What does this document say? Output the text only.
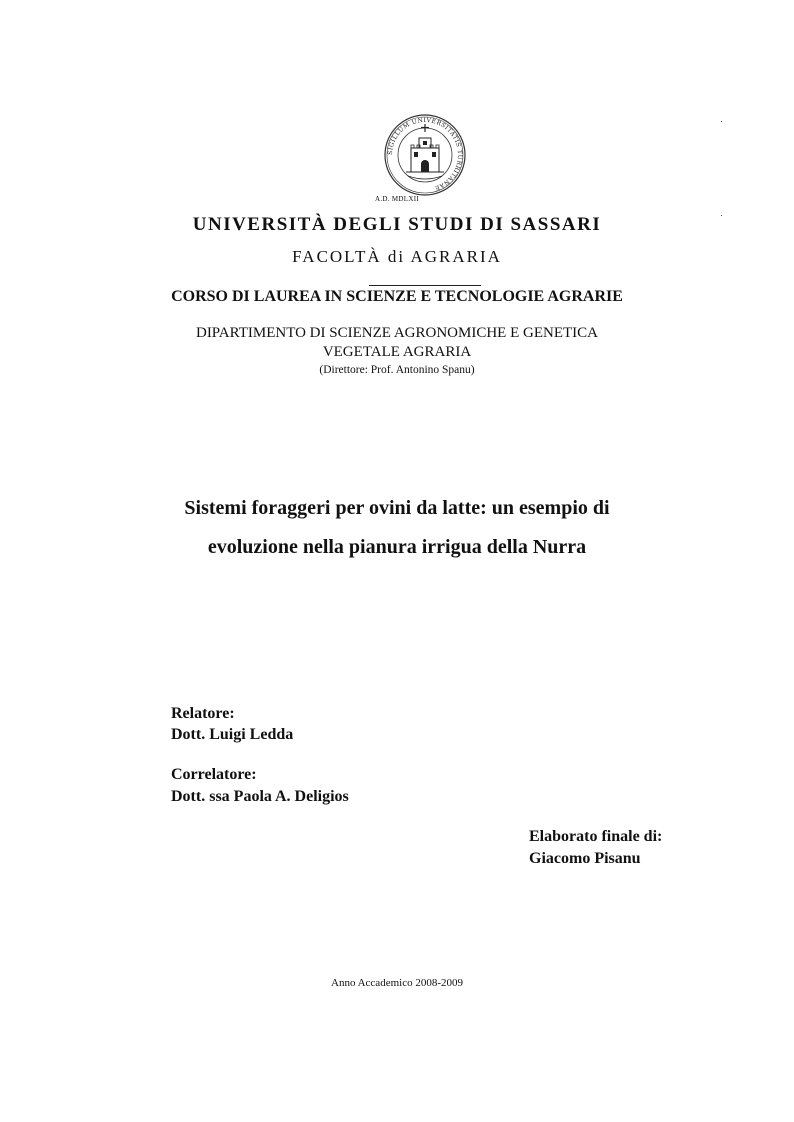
SIGILLUM UNIVERSITATIS TURRITANAE
A.D. MDLXII
UNIVERSITÀ DEGLI STUDI DI SASSARI
FACOLTÀ di AGRARIA
CORSO DI LAUREA IN SCIENZE E TECNOLOGIE AGRARIE
DIPARTIMENTO DI SCIENZE AGRONOMICHE E GENETICA
VEGETALE AGRARIA
(Direttore: Prof. Antonino Spanu)
Sistemi foraggeri per ovini da latte: un esempio di
evoluzione nella pianura irrigua della Nurra
Relatore:
Dott. Luigi Ledda
Correlatore:
Dott. ssa Paola A. Deligios
Elaborato finale di:
Giacomo Pisanu
Anno Accademico 2008-2009
